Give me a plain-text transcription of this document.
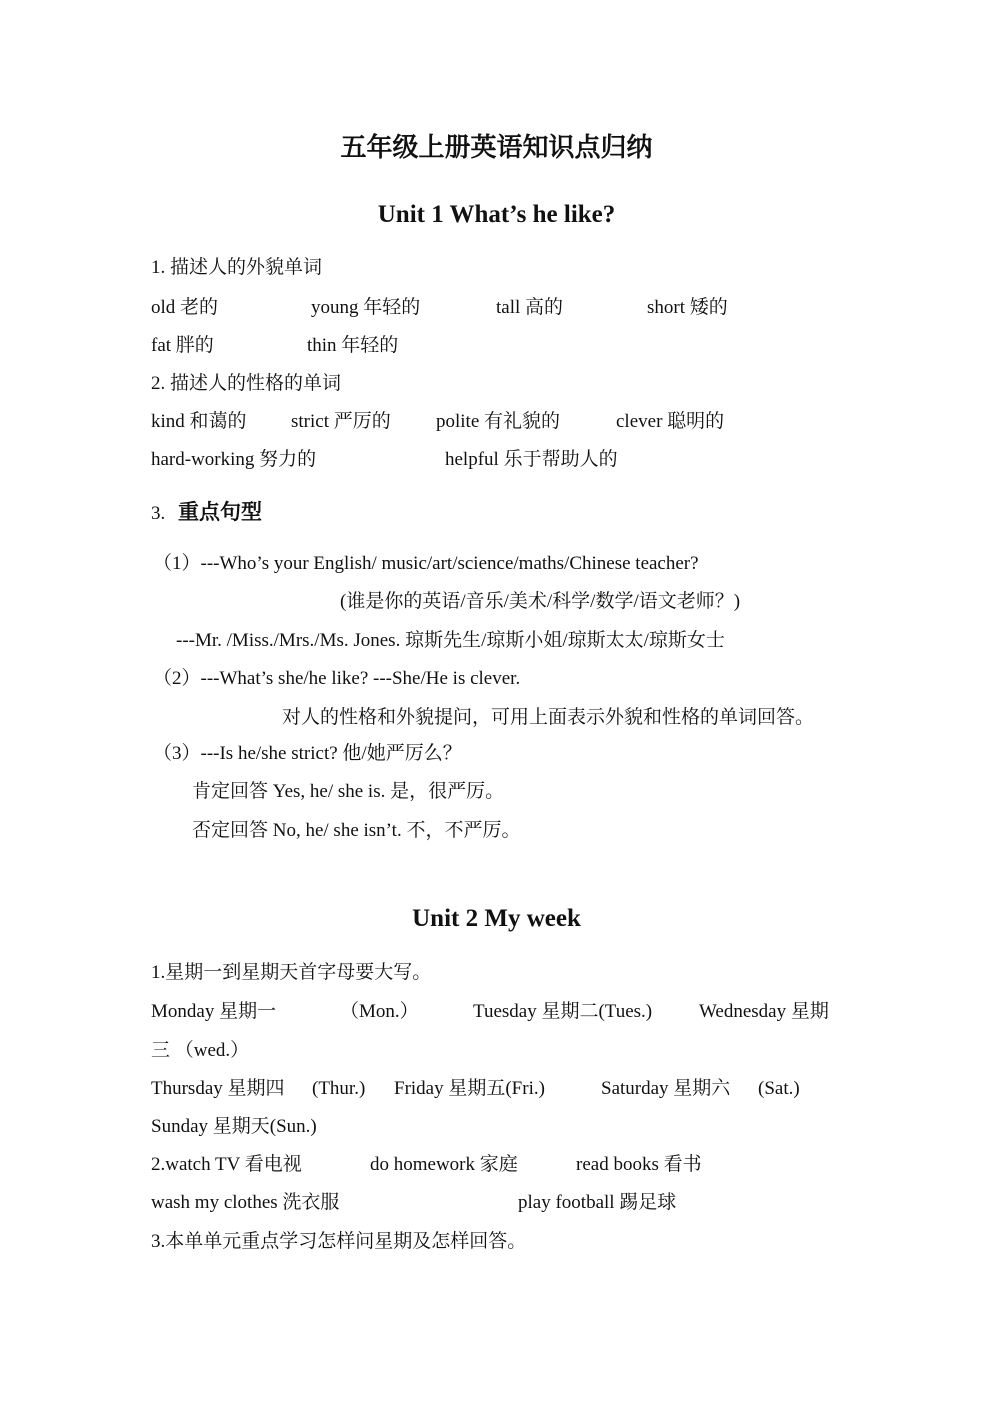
五年级上册英语知识点归纳
Unit 1 What’s he like?
1. 描述人的外貌单词
old 老的	young 年轻的	tall 高的	short 矮的
fat 胖的	thin 年轻的
2. 描述人的性格的单词
kind 和蔼的 strict 严厉的 polite 有礼貌的	clever 聪明的
hard-working 努力的	helpful 乐于帮助人的
3. 重点句型
（1）---Who’s your English/ music/art/science/maths/Chinese teacher?
(谁是你的英语/音乐/美术/科学/数学/语文老师？)
---Mr. /Miss./Mrs./Ms. Jones. 琼斯先生/琼斯小姐/琼斯太太/琼斯女士
（2）---What’s she/he like? ---She/He is clever.
对人的性格和外貌提问，可用上面表示外貌和性格的单词回答。
（3）---Is he/she strict? 他/她严厉么？
肯定回答 Yes, he/ she is. 是，很严厉。
否定回答 No, he/ she isn’t. 不，不严厉。
Unit 2 My week
1.星期一到星期天首字母要大写。
Monday 星期一	（Mon.）	Tuesday 星期二(Tues.) Wednesday 星期
三 （wed.）
Thursday 星期四 (Thur.) Friday 星期五(Fri.)	Saturday 星期六 (Sat.)
Sunday 星期天(Sun.)
2.watch TV 看电视	do homework 家庭	read books 看书
wash my clothes 洗衣服	play football 踢足球
3.本单单元重点学习怎样问星期及怎样回答。
